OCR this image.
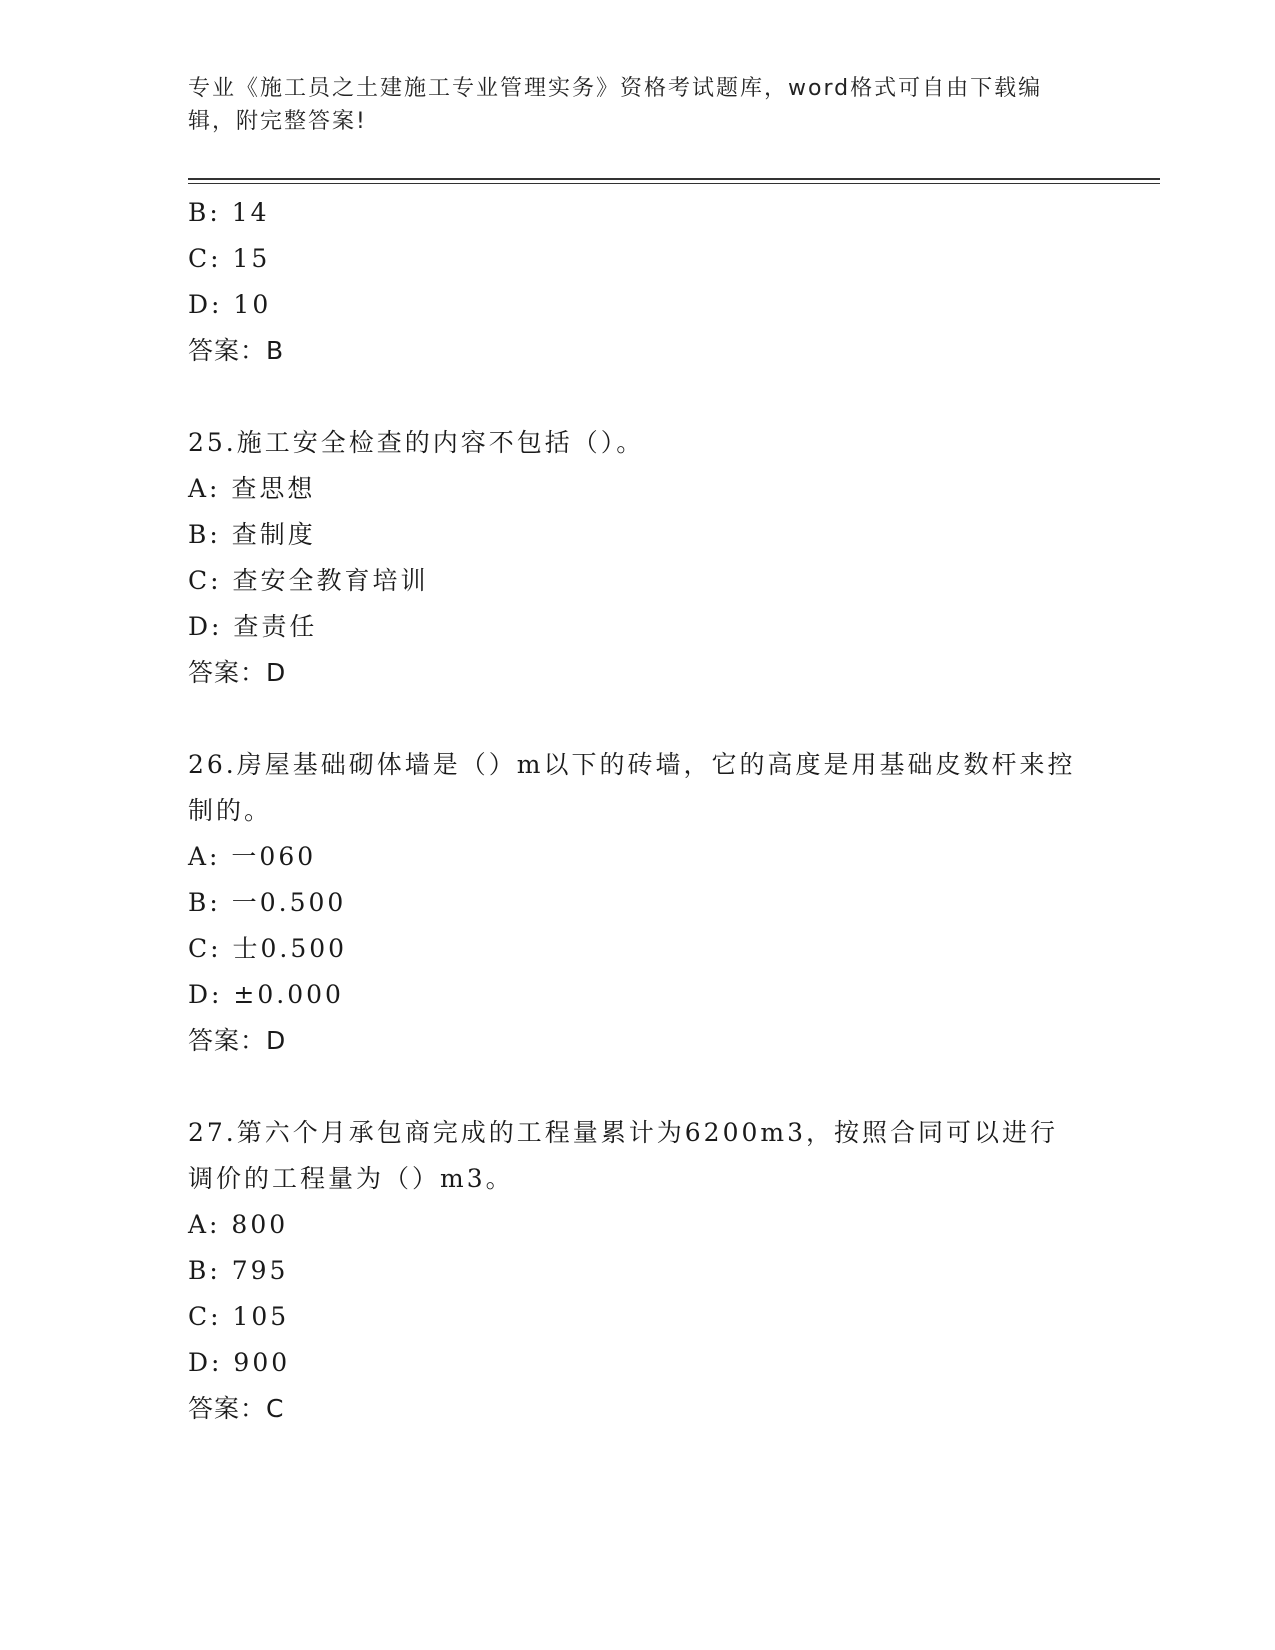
专业《施工员之土建施工专业管理实务》资格考试题库，word格式可自由下载编辑，附完整答案!
B: 14
C: 15
D: 10
答案：B
25.施工安全检查的内容不包括（）。
A: 查思想
B: 查制度
C: 查安全教育培训
D: 查责任
答案：D
26.房屋基础砌体墙是（）m以下的砖墙，它的高度是用基础皮数杆来控制的。
A: 一060
B: 一0.500
C: 士0.500
D: ±0.000
答案：D
27.第六个月承包商完成的工程量累计为6200m3，按照合同可以进行调价的工程量为（）m3。
A: 800
B: 795
C: 105
D: 900
答案：C
